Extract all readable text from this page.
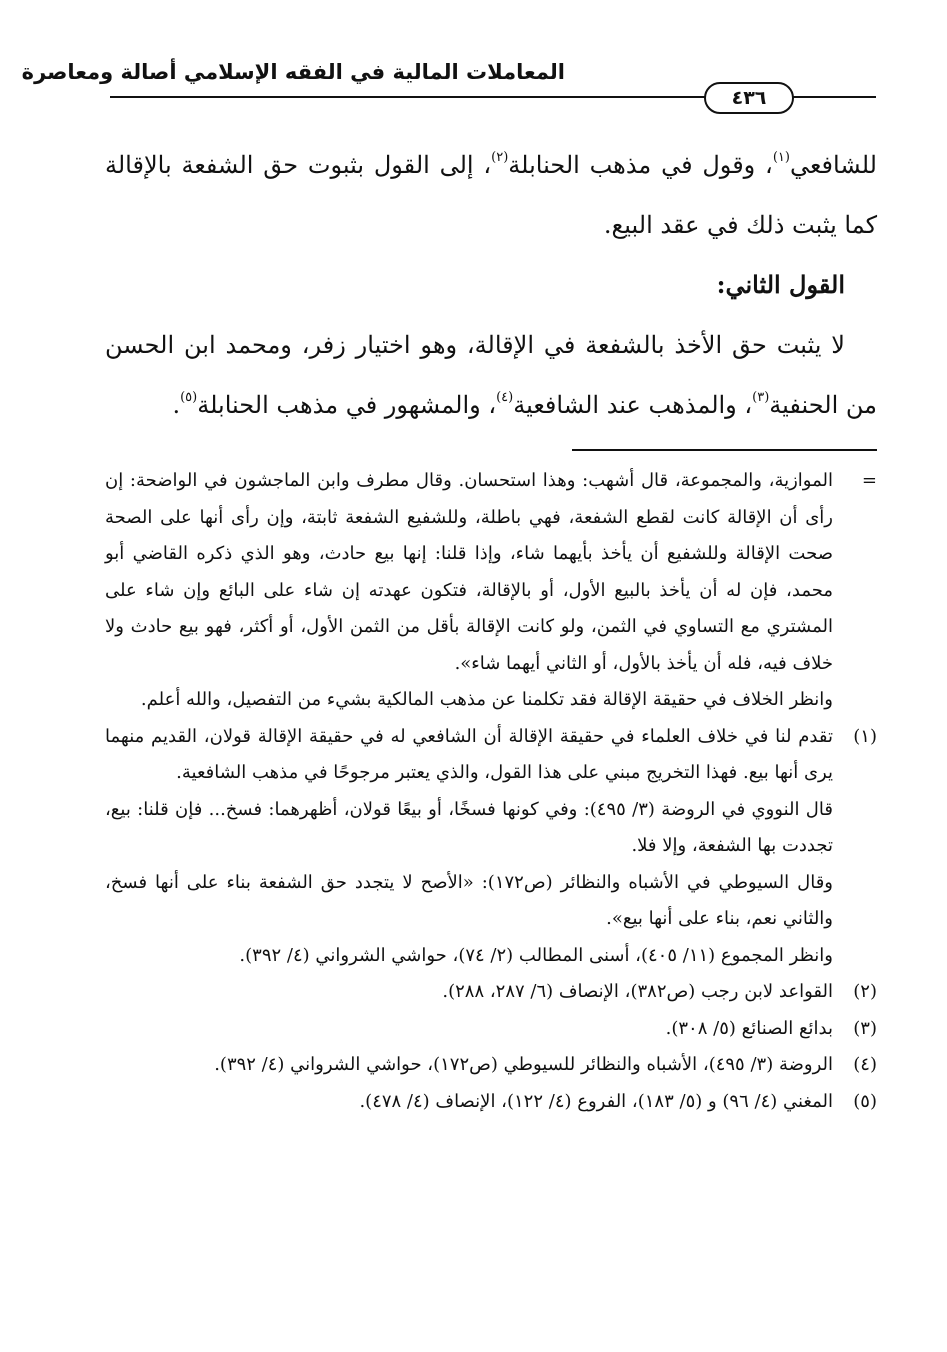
المعاملات المالية في الفقه الإسلامي أصالة ومعاصرة
٤٣٦

للشافعي$^{(١)}$، وقول في مذهب الحنابلة$^{(٢)}$، إلى القول بثبوت حق الشفعة بالإقالة كما يثبت ذلك في عقد البيع.

القول الثاني:

لا يثبت حق الأخذ بالشفعة في الإقالة، وهو اختيار زفر، ومحمد ابن الحسن من الحنفية$^{(٣)}$، والمذهب عند الشافعية$^{(٤)}$، والمشهور في مذهب الحنابلة$^{(٥)}$.

=

الموازية، والمجموعة، قال أشهب: وهذا استحسان. وقال مطرف وابن الماجشون في الواضحة: إن رأى أن الإقالة كانت لقطع الشفعة، فهي باطلة، وللشفيع الشفعة ثابتة، وإن رأى أنها على الصحة صحت الإقالة وللشفيع أن يأخذ بأيهما شاء، وإذا قلنا: إنها بيع حادث، وهو الذي ذكره القاضي أبو محمد، فإن له أن يأخذ بالبيع الأول، أو بالإقالة، فتكون عهدته إن شاء على البائع وإن شاء على المشتري مع التساوي في الثمن، ولو كانت الإقالة بأقل من الثمن الأول، أو أكثر، فهو بيع حادث ولا خلاف فيه، فله أن يأخذ بالأول، أو الثاني أيهما شاء».

وانظر الخلاف في حقيقة الإقالة فقد تكلمنا عن مذهب المالكية بشيء من التفصيل، والله أعلم.

(١)

تقدم لنا في خلاف العلماء في حقيقة الإقالة أن الشافعي له في حقيقة الإقالة قولان، القديم منهما يرى أنها بيع. فهذا التخريج مبني على هذا القول، والذي يعتبر مرجوحًا في مذهب الشافعية.

قال النووي في الروضة (٣/ ٤٩٥): وفي كونها فسخًا، أو بيعًا قولان، أظهرهما: فسخ... فإن قلنا: بيع، تجددت بها الشفعة، وإلا فلا.

وقال السيوطي في الأشباه والنظائر (ص١٧٢): «الأصح لا يتجدد حق الشفعة بناء على أنها فسخ، والثاني نعم، بناء على أنها بيع».

وانظر المجموع (١١/ ٤٠٥)، أسنى المطالب (٢/ ٧٤)، حواشي الشرواني (٤/ ٣٩٢).

(٢)

القواعد لابن رجب (ص٣٨٢)، الإنصاف (٦/ ٢٨٧، ٢٨٨).

(٣)

بدائع الصنائع (٥/ ٣٠٨).

(٤)

الروضة (٣/ ٤٩٥)، الأشباه والنظائر للسيوطي (ص١٧٢)، حواشي الشرواني (٤/ ٣٩٢).

(٥)

المغني (٤/ ٩٦) و (٥/ ١٨٣)، الفروع (٤/ ١٢٢)، الإنصاف (٤/ ٤٧٨).
